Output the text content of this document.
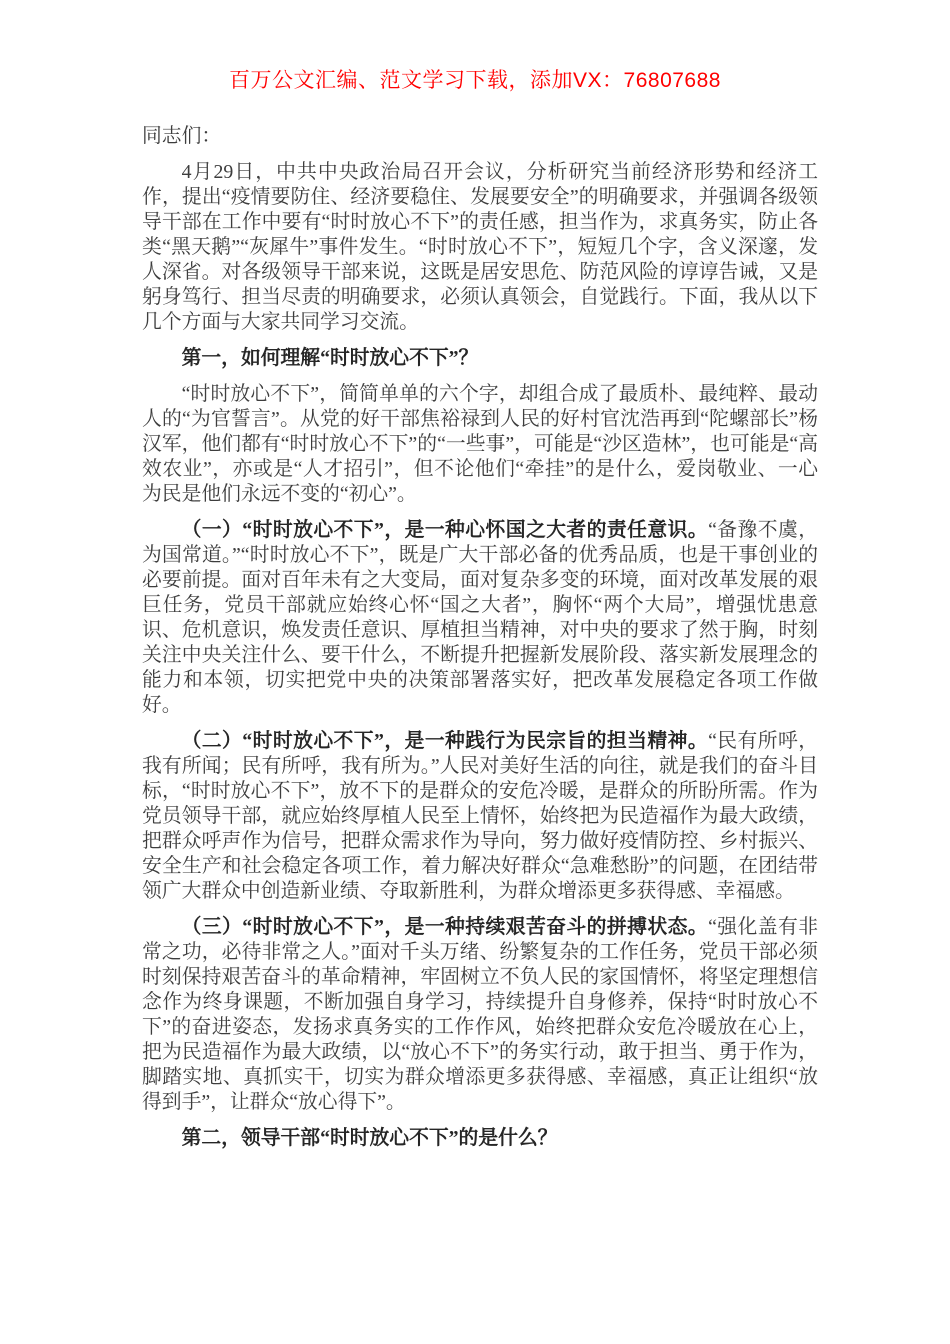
百万公文汇编、范文学习下载，添加VX：76807688

同志们：

4月29日，中共中央政治局召开会议，分析研究当前经济形势和经济工作，提出“疫情要防住、经济要稳住、发展要安全”的明确要求，并强调各级领导干部在工作中要有“时时放心不下”的责任感，担当作为，求真务实，防止各类“黑天鹅”“灰犀牛”事件发生。“时时放心不下”，短短几个字，含义深邃，发人深省。对各级领导干部来说，这既是居安思危、防范风险的谆谆告诫，又是躬身笃行、担当尽责的明确要求，必须认真领会，自觉践行。下面，我从以下几个方面与大家共同学习交流。

第一，如何理解“时时放心不下”？

“时时放心不下”，简简单单的六个字，却组合成了最质朴、最纯粹、最动人的“为官誓言”。从党的好干部焦裕禄到人民的好村官沈浩再到“陀螺部长”杨汉军，他们都有“时时放心不下”的“一些事”，可能是“沙区造林”，也可能是“高效农业”，亦或是“人才招引”，但不论他们“牵挂”的是什么，爱岗敬业、一心为民是他们永远不变的“初心”。

（一）“时时放心不下”，是一种心怀国之大者的责任意识。“备豫不虞，为国常道。”“时时放心不下”，既是广大干部必备的优秀品质，也是干事创业的必要前提。面对百年未有之大变局，面对复杂多变的环境，面对改革发展的艰巨任务，党员干部就应始终心怀“国之大者”，胸怀“两个大局”，增强忧患意识、危机意识，焕发责任意识、厚植担当精神，对中央的要求了然于胸，时刻关注中央关注什么、要干什么，不断提升把握新发展阶段、落实新发展理念的能力和本领，切实把党中央的决策部署落实好，把改革发展稳定各项工作做好。

（二）“时时放心不下”，是一种践行为民宗旨的担当精神。“民有所呼，我有所闻；民有所呼，我有所为。”人民对美好生活的向往，就是我们的奋斗目标，“时时放心不下”，放不下的是群众的安危冷暖，是群众的所盼所需。作为党员领导干部，就应始终厚植人民至上情怀，始终把为民造福作为最大政绩，把群众呼声作为信号，把群众需求作为导向，努力做好疫情防控、乡村振兴、安全生产和社会稳定各项工作，着力解决好群众“急难愁盼”的问题，在团结带领广大群众中创造新业绩、夺取新胜利，为群众增添更多获得感、幸福感。

（三）“时时放心不下”，是一种持续艰苦奋斗的拼搏状态。“强化盖有非常之功，必待非常之人。”面对千头万绪、纷繁复杂的工作任务，党员干部必须时刻保持艰苦奋斗的革命精神，牢固树立不负人民的家国情怀，将坚定理想信念作为终身课题，不断加强自身学习，持续提升自身修养，保持“时时放心不下”的奋进姿态，发扬求真务实的工作作风，始终把群众安危冷暖放在心上，把为民造福作为最大政绩，以“放心不下”的务实行动，敢于担当、勇于作为，脚踏实地、真抓实干，切实为群众增添更多获得感、幸福感，真正让组织“放得到手”，让群众“放心得下”。

第二，领导干部“时时放心不下”的是什么？
